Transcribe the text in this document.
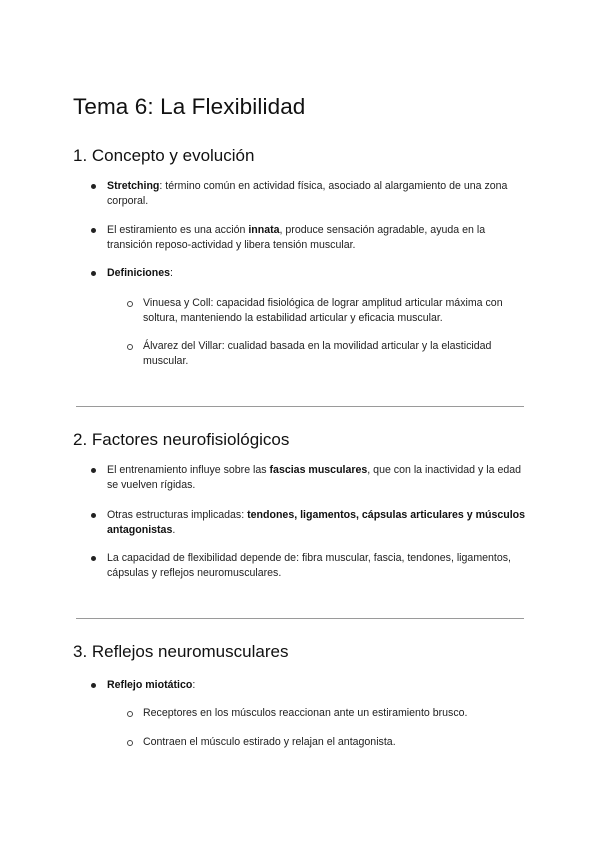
Tema 6: La Flexibilidad
1. Concepto y evolución
Stretching: término común en actividad física, asociado al alargamiento de una zona corporal.
El estiramiento es una acción innata, produce sensación agradable, ayuda en la transición reposo-actividad y libera tensión muscular.
Definiciones:
Vinuesa y Coll: capacidad fisiológica de lograr amplitud articular máxima con soltura, manteniendo la estabilidad articular y eficacia muscular.
Álvarez del Villar: cualidad basada en la movilidad articular y la elasticidad muscular.
2. Factores neurofisiológicos
El entrenamiento influye sobre las fascias musculares, que con la inactividad y la edad se vuelven rígidas.
Otras estructuras implicadas: tendones, ligamentos, cápsulas articulares y músculos antagonistas.
La capacidad de flexibilidad depende de: fibra muscular, fascia, tendones, ligamentos, cápsulas y reflejos neuromusculares.
3. Reflejos neuromusculares
Reflejo miotático:
Receptores en los músculos reaccionan ante un estiramiento brusco.
Contraen el músculo estirado y relajan el antagonista.
